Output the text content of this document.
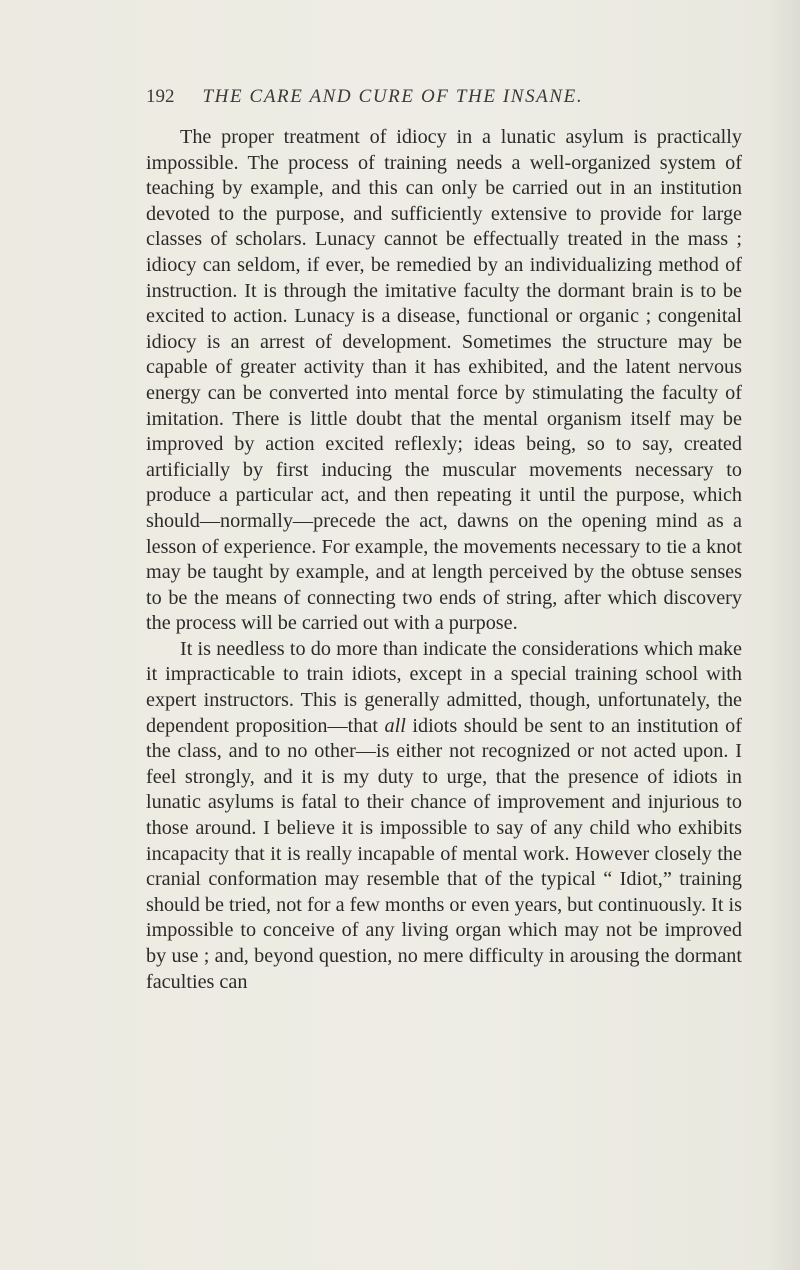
192 THE CARE AND CURE OF THE INSANE.

The proper treatment of idiocy in a lunatic asylum is practically impossible. The process of training needs a well-organized system of teaching by example, and this can only be carried out in an institution devoted to the purpose, and sufficiently extensive to provide for large classes of scholars. Lunacy cannot be effectually treated in the mass ; idiocy can seldom, if ever, be remedied by an individualizing method of instruction. It is through the imitative faculty the dormant brain is to be excited to action. Lunacy is a disease, functional or organic ; congenital idiocy is an arrest of development. Sometimes the structure may be capable of greater activity than it has exhibited, and the latent nervous energy can be converted into mental force by stimulating the faculty of imitation. There is little doubt that the mental organism itself may be improved by action excited reflexly; ideas being, so to say, created artificially by first inducing the muscular movements necessary to produce a particular act, and then repeating it until the purpose, which should—normally—precede the act, dawns on the opening mind as a lesson of experience. For example, the movements necessary to tie a knot may be taught by example, and at length perceived by the obtuse senses to be the means of connecting two ends of string, after which discovery the process will be carried out with a purpose.

It is needless to do more than indicate the considerations which make it impracticable to train idiots, except in a special training school with expert instructors. This is generally admitted, though, unfortunately, the dependent proposition—that all idiots should be sent to an institution of the class, and to no other—is either not recognized or not acted upon. I feel strongly, and it is my duty to urge, that the presence of idiots in lunatic asylums is fatal to their chance of improvement and injurious to those around. I believe it is impossible to say of any child who exhibits incapacity that it is really incapable of mental work. However closely the cranial conformation may resemble that of the typical “ Idiot,” training should be tried, not for a few months or even years, but continuously. It is impossible to conceive of any living organ which may not be improved by use ; and, beyond question, no mere difficulty in arousing the dormant faculties can
